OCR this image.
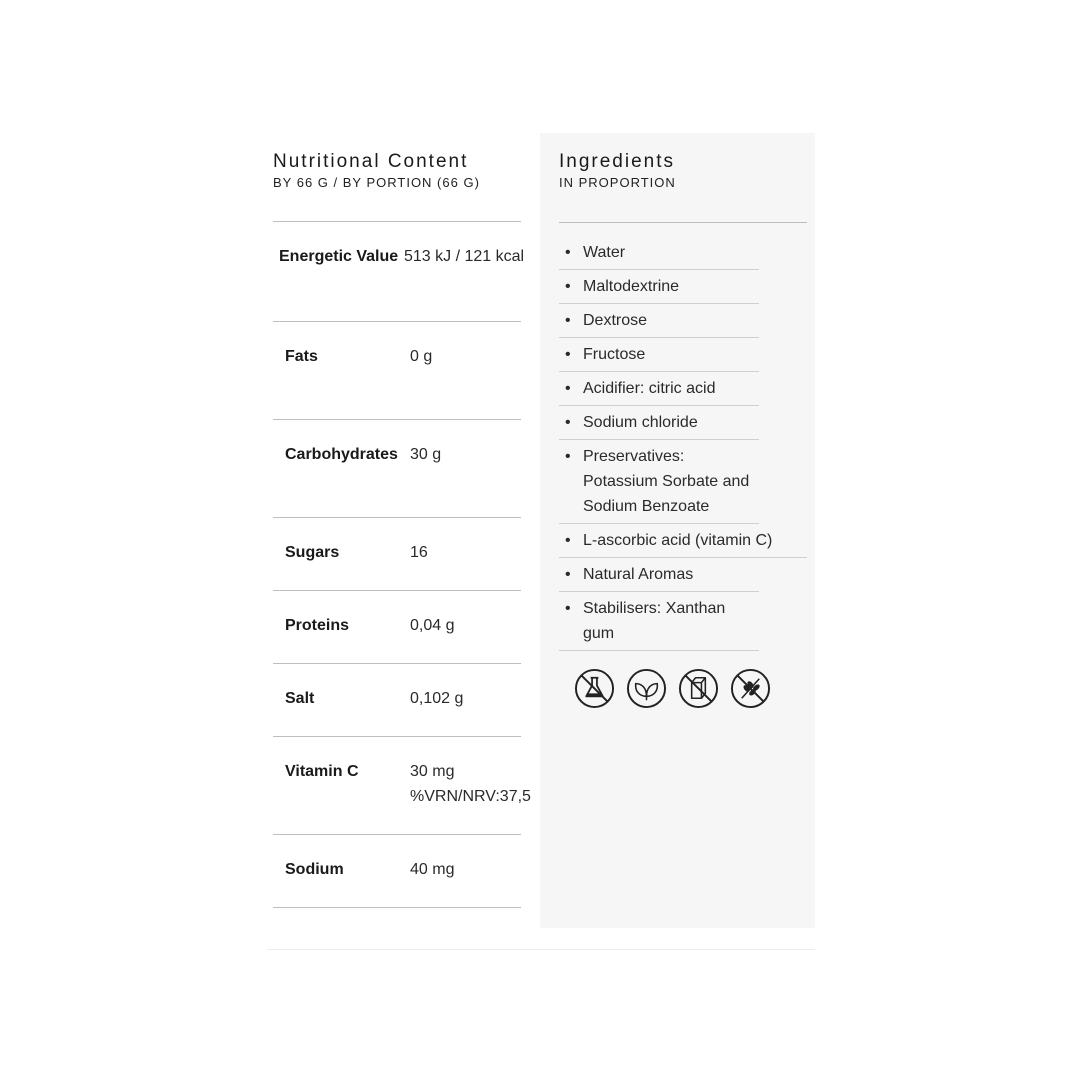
Nutritional Content
BY 66 G / BY PORTION (66 G)
Energetic Value 513 kJ / 121 kcal
Fats	0 g
Carbohydrates 30 g
Sugars	16
Proteins	0,04 g
Salt	0,102 g
Vitamin C	30 mg
%VRN/NRV:37,5
Sodium	40 mg
Ingredients
IN PROPORTION
• Water
• Maltodextrine
• Dextrose
• Fructose
• Acidifier: citric acid
• Sodium chloride
• Preservatives: Potassium Sorbate and Sodium Benzoate
• L-ascorbic acid (vitamin C)
• Natural Aromas
• Stabilisers: Xanthan gum
